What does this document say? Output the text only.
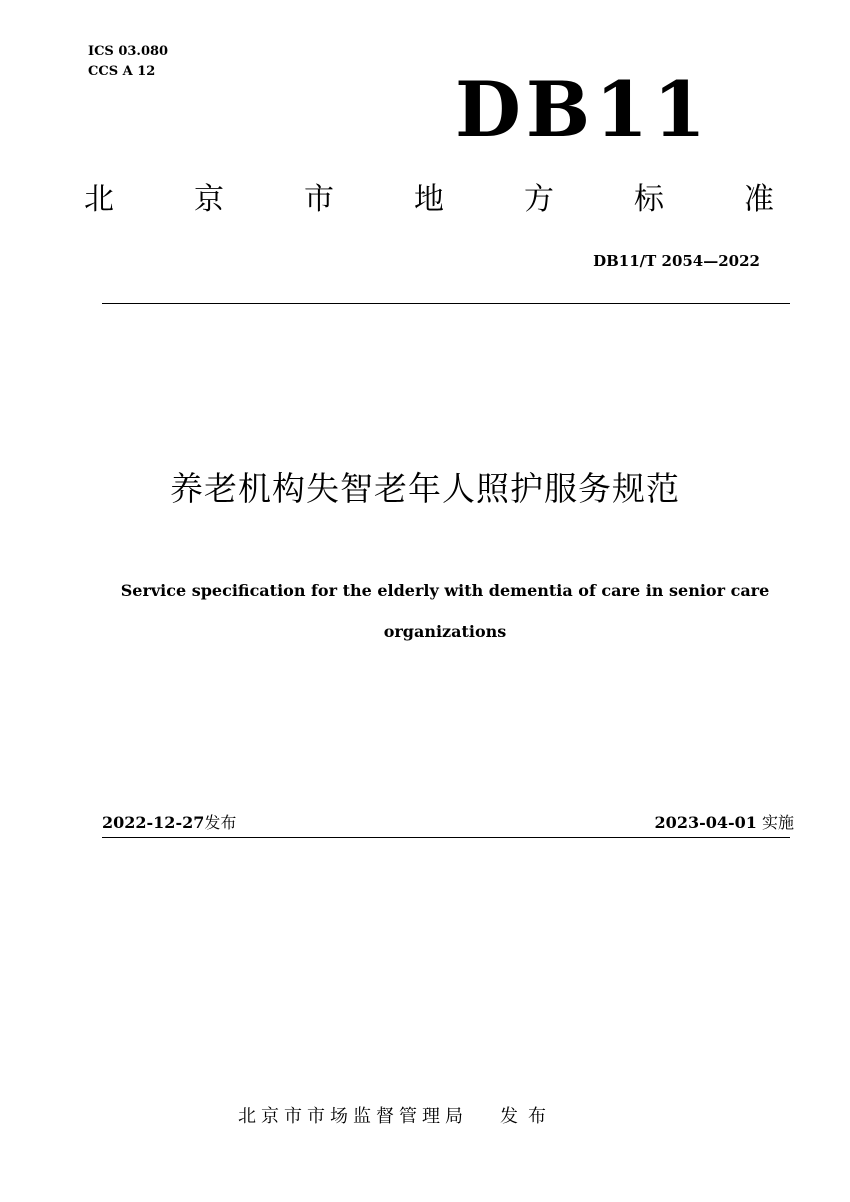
ICS 03.080
CCS A 12	DB11
北	京	市	地	方	标	准
DB11/T 2054—2022
养老机构失智老年人照护服务规范
Service specification for the elderly with dementia of care in senior care organizations
2022-12-27发布	2023-04-01 实施
北京市市场监督管理局 发布
